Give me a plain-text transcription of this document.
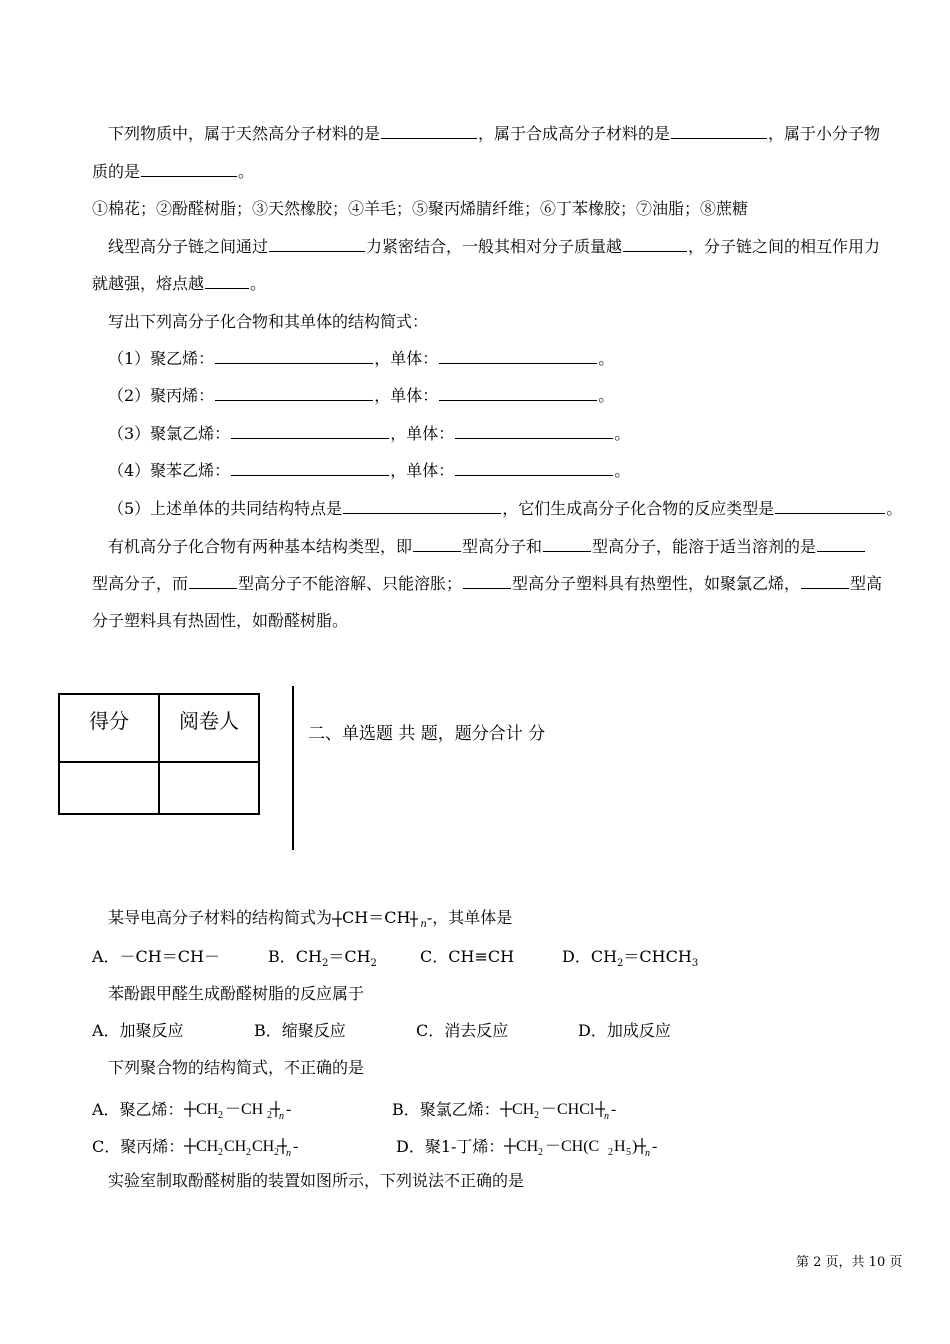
下列物质中，属于天然高分子材料的是	，属于合成高分子材料的是	，属于小分子物
质的是	。
①棉花；②酚醛树脂；③天然橡胶；④羊毛；⑤聚丙烯腈纤维；⑥丁苯橡胶；⑦油脂；⑧蔗糖
线型高分子链之间通过	力紧密结合，一般其相对分子质量越	，分子链之间的相互作用力
就越强，熔点越	。
写出下列高分子化合物和其单体的结构简式：
（1）聚乙烯：	，单体：	。
（2）聚丙烯：	，单体：	。
（3）聚氯乙烯：	，单体：	。
（4）聚苯乙烯：	，单体：	。
（5）上述单体的共同结构特点是	，它们生成高分子化合物的反应类型是	。
有机高分子化合物有两种基本结构类型，即	型高分子和	型高分子，能溶于适当溶剂的是
型高分子，而	型高分子不能溶解、只能溶胀；	型高分子塑料具有热塑性，如聚氯乙烯，	型高
分子塑料具有热固性，如酚醛树脂。
得分	阅卷人

二、单选题 共 题，题分合计 分
某导电高分子材料的结构简式为 CH＝CH $_n$-，其单体是
A．－CH＝CH－	B．$CH_2=CH_2$	C．CH≡CH	D．$CH_2=CHCH_3$
苯酚跟甲醛生成酚醛树脂的反应属于
A．加聚反应	B．缩聚反应	C．消去反应	D．加成反应
下列聚合物的结构简式，不正确的是
A．聚乙烯： CH 2 －CH 2 n -	B．聚氯乙烯： CH 2 －CHCl n -
C．聚丙烯： CH 2 CH 2 CH 2 n -	D．聚1-丁烯： CH 2 －CH(C 2 H 5 ) n -
实验室制取酚醛树脂的装置如图所示，下列说法不正确的是
第 2 页，共 10 页
